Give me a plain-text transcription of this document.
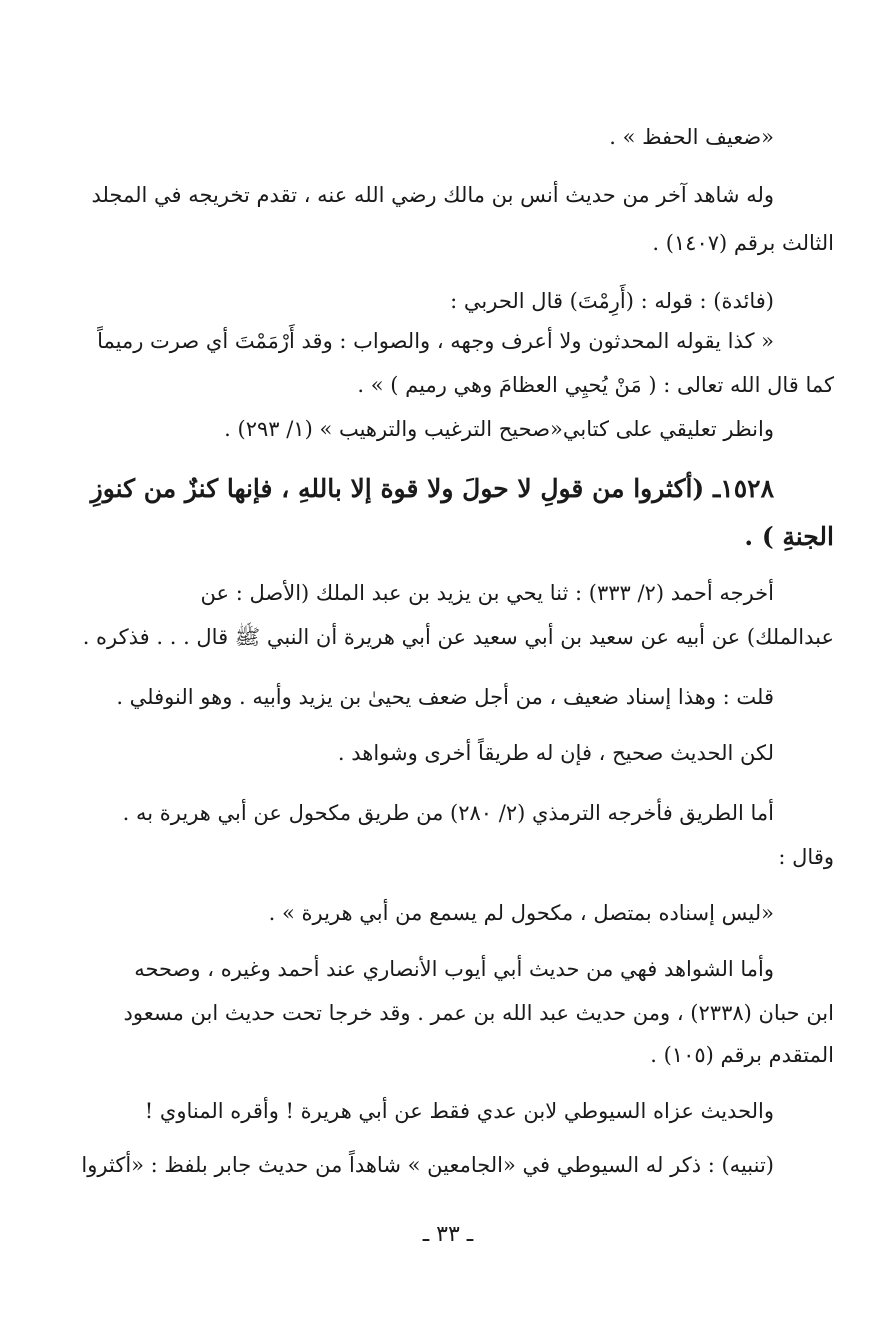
«ضعيف الحفظ » .
وله شاهد آخر من حديث أنس بن مالك رضي الله عنه ، تقدم تخريجه في المجلد
الثالث برقم (١٤٠٧) .
(فائدة) : قوله : (أَرِمْتَ) قال الحربي :
« كذا يقوله المحدثون ولا أعرف وجهه ، والصواب : وقد أَرْمَمْتَ أي صرت رميماً
كما قال الله تعالى : ( مَنْ يُحيِي العظامَ وهي رميم ) » .
وانظر تعليقي على كتابي«صحيح الترغيب والترهيب » (١/ ٢٩٣) .
١٥٢٨ـ (أكثروا من قولِ لا حولَ ولا قوة إلا باللهِ ، فإنها كنزٌ من كنوزِ
الجنةِ ) .
أخرجه أحمد (٢/ ٣٣٣) : ثنا يحي بن يزيد بن عبد الملك (الأصل : عن
عبدالملك) عن أبيه عن سعيد بن أبي سعيد عن أبي هريرة أن النبي ﷺ قال . . . فذكره .
قلت : وهذا إسناد ضعيف ، من أجل ضعف يحيىٰ بن يزيد وأبيه . وهو النوفلي .
لكن الحديث صحيح ، فإن له طريقاً أخرى وشواهد .
أما الطريق فأخرجه الترمذي (٢/ ٢٨٠) من طريق مكحول عن أبي هريرة به .
وقال :
«ليس إسناده بمتصل ، مكحول لم يسمع من أبي هريرة » .
وأما الشواهد فهي من حديث أبي أيوب الأنصاري عند أحمد وغيره ، وصححه
ابن حبان (٢٣٣٨) ، ومن حديث عبد الله بن عمر . وقد خرجا تحت حديث ابن مسعود
المتقدم برقم (١٠٥) .
والحديث عزاه السيوطي لابن عدي فقط عن أبي هريرة ! وأقره المناوي !
(تنبيه) : ذكر له السيوطي في «الجامعين » شاهداً من حديث جابر بلفظ : «أكثروا
ـ ٣٣ ـ
